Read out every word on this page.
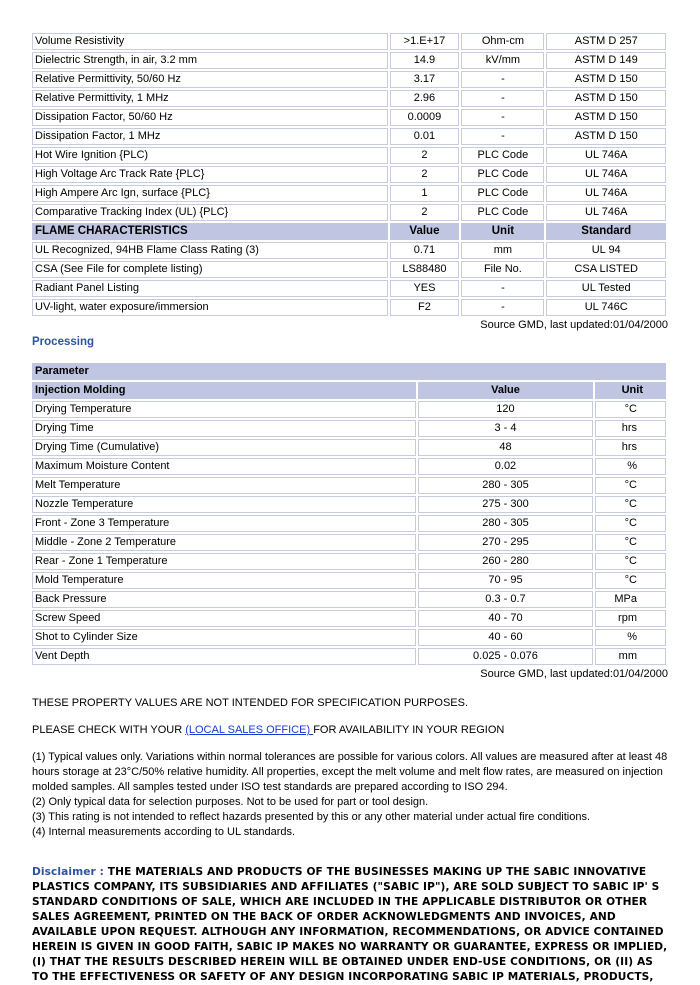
Volume Resistivity	>1.E+17	Ohm-cm	ASTM D 257
Dielectric Strength, in air, 3.2 mm	14.9	kV/mm	ASTM D 149
Relative Permittivity, 50/60 Hz	3.17	-	ASTM D 150
Relative Permittivity, 1 MHz	2.96	-	ASTM D 150
Dissipation Factor, 50/60 Hz	0.0009	-	ASTM D 150
Dissipation Factor, 1 MHz	0.01	-	ASTM D 150
Hot Wire Ignition {PLC)	2	PLC Code	UL 746A
High Voltage Arc Track Rate {PLC}	2	PLC Code	UL 746A
High Ampere Arc Ign, surface {PLC}	1	PLC Code	UL 746A
Comparative Tracking Index (UL) {PLC}	2	PLC Code	UL 746A
FLAME CHARACTERISTICS	Value	Unit	Standard
UL Recognized, 94HB Flame Class Rating (3)	0.71	mm	UL 94
CSA (See File for complete listing)	LS88480	File No.	CSA LISTED
Radiant Panel Listing	YES	-	UL Tested
UV-light, water exposure/immersion	F2	-	UL 746C
Source GMD, last updated:01/04/2000
Processing
Parameter		
Injection Molding	Value	Unit
Drying Temperature	120	°C
Drying Time	3 - 4	hrs
Drying Time (Cumulative)	48	hrs
Maximum Moisture Content	0.02	%
Melt Temperature	280 - 305	°C
Nozzle Temperature	275 - 300	°C
Front - Zone 3 Temperature	280 - 305	°C
Middle - Zone 2 Temperature	270 - 295	°C
Rear - Zone 1 Temperature	260 - 280	°C
Mold Temperature	70 - 95	°C
Back Pressure	0.3 - 0.7	MPa
Screw Speed	40 - 70	rpm
Shot to Cylinder Size	40 - 60	%
Vent Depth	0.025 - 0.076	mm
Source GMD, last updated:01/04/2000
THESE PROPERTY VALUES ARE NOT INTENDED FOR SPECIFICATION PURPOSES.
PLEASE CHECK WITH YOUR (LOCAL SALES OFFICE) FOR AVAILABILITY IN YOUR REGION
(1) Typical values only. Variations within normal tolerances are possible for various colors. All values are measured after at least 48 hours storage at 23°C/50% relative humidity. All properties, except the melt volume and melt flow rates, are measured on injection molded samples. All samples tested under ISO test standards are prepared according to ISO 294.
(2) Only typical data for selection purposes. Not to be used for part or tool design.
(3) This rating is not intended to reflect hazards presented by this or any other material under actual fire conditions.
(4) Internal measurements according to UL standards.
Disclaimer : THE MATERIALS AND PRODUCTS OF THE BUSINESSES MAKING UP THE SABIC INNOVATIVE PLASTICS COMPANY, ITS SUBSIDIARIES AND AFFILIATES ("SABIC IP"), ARE SOLD SUBJECT TO SABIC IP' S STANDARD CONDITIONS OF SALE, WHICH ARE INCLUDED IN THE APPLICABLE DISTRIBUTOR OR OTHER SALES AGREEMENT, PRINTED ON THE BACK OF ORDER ACKNOWLEDGMENTS AND INVOICES, AND AVAILABLE UPON REQUEST. ALTHOUGH ANY INFORMATION, RECOMMENDATIONS, OR ADVICE CONTAINED HEREIN IS GIVEN IN GOOD FAITH, SABIC IP MAKES NO WARRANTY OR GUARANTEE, EXPRESS OR IMPLIED, (I) THAT THE RESULTS DESCRIBED HEREIN WILL BE OBTAINED UNDER END-USE CONDITIONS, OR (II) AS TO THE EFFECTIVENESS OR SAFETY OF ANY DESIGN INCORPORATING SABIC IP MATERIALS, PRODUCTS,
